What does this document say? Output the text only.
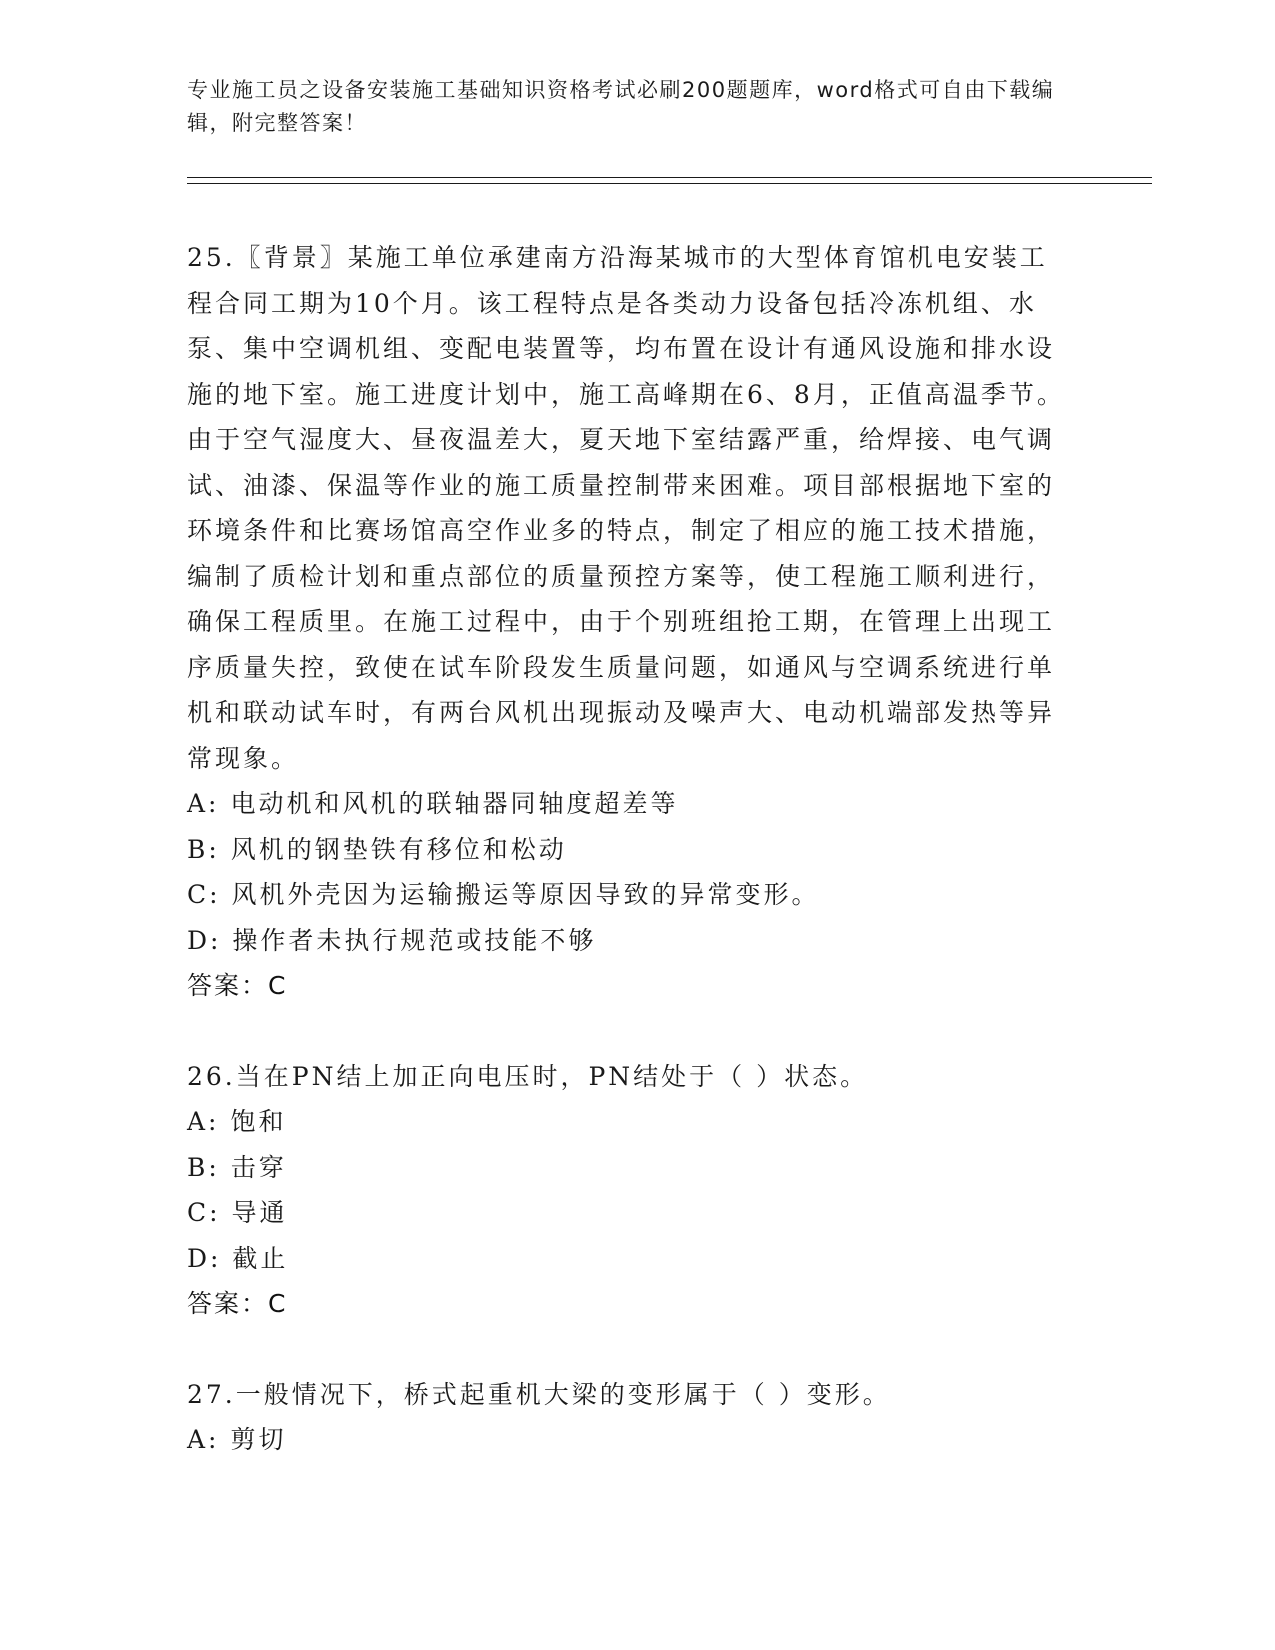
专业施工员之设备安装施工基础知识资格考试必刷200题题库，word格式可自由下载编辑，附完整答案！

25.〖背景〗某施工单位承建南方沿海某城市的大型体育馆机电安装工程合同工期为10个月。该工程特点是各类动力设备包括冷冻机组、水泵、集中空调机组、变配电装置等，均布置在设计有通风设施和排水设施的地下室。施工进度计划中，施工高峰期在6、8月，正值高温季节。由于空气湿度大、昼夜温差大，夏天地下室结露严重，给焊接、电气调试、油漆、保温等作业的施工质量控制带来困难。项目部根据地下室的环境条件和比赛场馆高空作业多的特点，制定了相应的施工技术措施，编制了质检计划和重点部位的质量预控方案等，使工程施工顺利进行，确保工程质里。在施工过程中，由于个别班组抢工期，在管理上出现工序质量失控，致使在试车阶段发生质量问题，如通风与空调系统进行单机和联动试车时，有两台风机出现振动及噪声大、电动机端部发热等异常现象。

A: 电动机和风机的联轴器同轴度超差等

B: 风机的钢垫铁有移位和松动

C: 风机外壳因为运输搬运等原因导致的异常变形。

D: 操作者未执行规范或技能不够

答案：C

26.当在PN结上加正向电压时，PN结处于（ ）状态。

A: 饱和

B: 击穿

C: 导通

D: 截止

答案：C

27.一般情况下，桥式起重机大梁的变形属于（ ）变形。

A: 剪切
